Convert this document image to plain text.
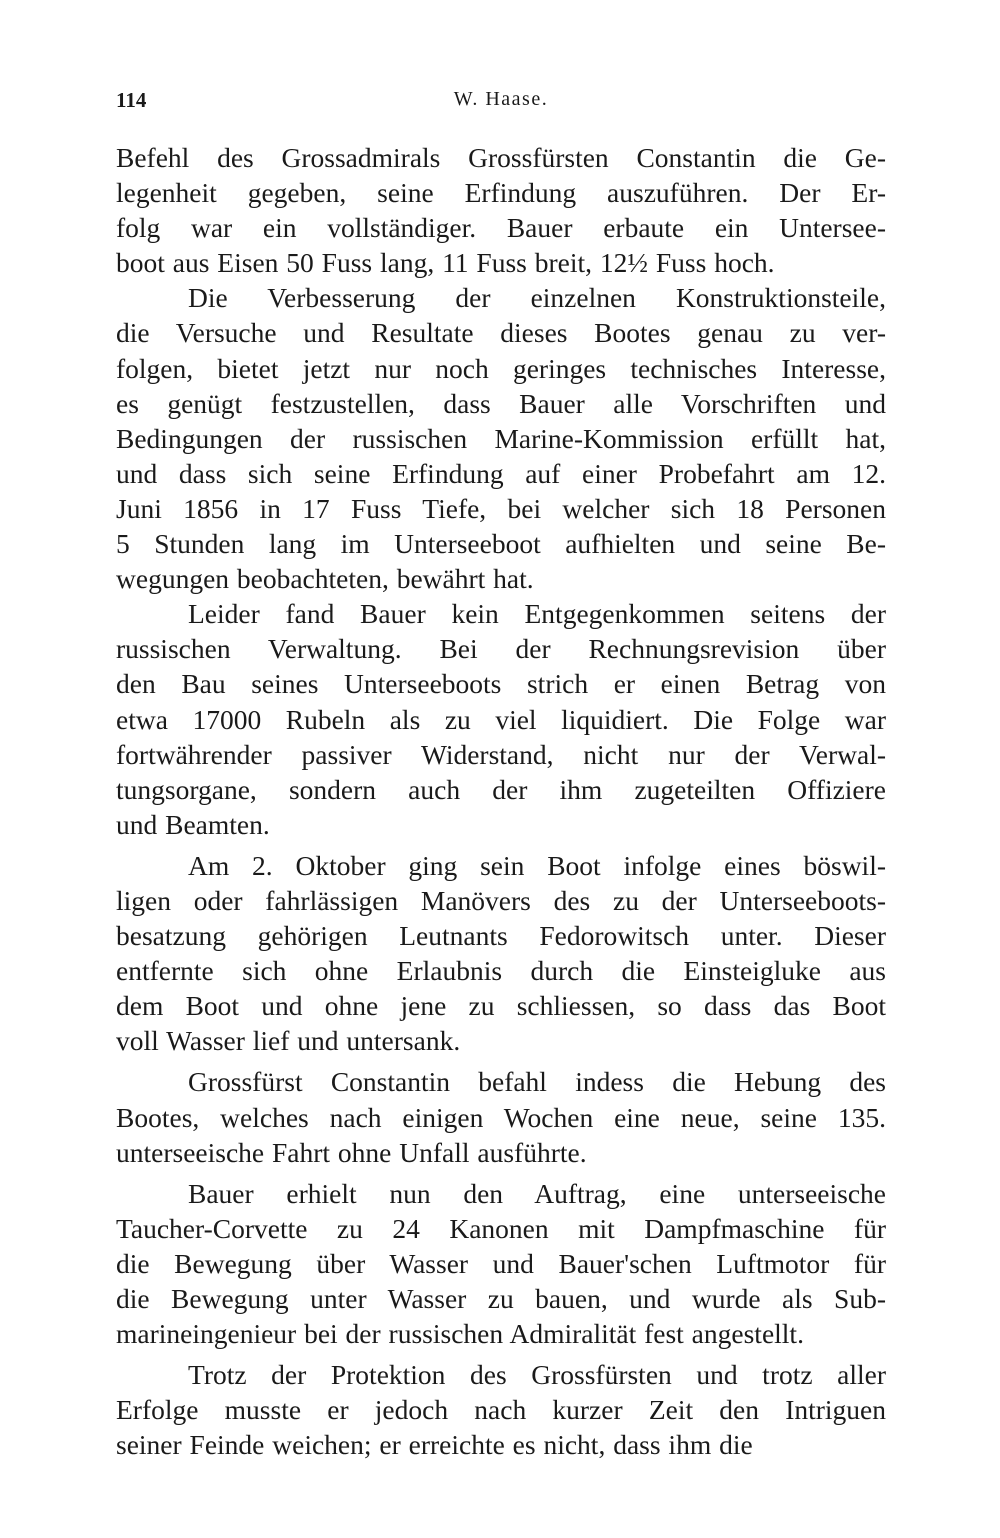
114	W. Haase.
Befehl des Grossadmirals Grossfürsten Constantin die Ge-
legenheit gegeben, seine Erfindung auszuführen. Der Er-
folg war ein vollständiger. Bauer erbaute ein Untersee-
boot aus Eisen 50 Fuss lang, 11 Fuss breit, 12½ Fuss hoch.
Die Verbesserung der einzelnen Konstruktionsteile,
die Versuche und Resultate dieses Bootes genau zu ver-
folgen, bietet jetzt nur noch geringes technisches Interesse,
es genügt festzustellen, dass Bauer alle Vorschriften und
Bedingungen der russischen Marine-Kommission erfüllt hat,
und dass sich seine Erfindung auf einer Probefahrt am 12.
Juni 1856 in 17 Fuss Tiefe, bei welcher sich 18 Personen
5 Stunden lang im Unterseeboot aufhielten und seine Be-
wegungen beobachteten, bewährt hat.
Leider fand Bauer kein Entgegenkommen seitens der
russischen Verwaltung. Bei der Rechnungsrevision über
den Bau seines Unterseeboots strich er einen Betrag von
etwa 17000 Rubeln als zu viel liquidiert. Die Folge war
fortwährender passiver Widerstand, nicht nur der Verwal-
tungsorgane, sondern auch der ihm zugeteilten Offiziere
und Beamten.
Am 2. Oktober ging sein Boot infolge eines böswil-
ligen oder fahrlässigen Manövers des zu der Unterseeboots-
besatzung gehörigen Leutnants Fedorowitsch unter. Dieser
entfernte sich ohne Erlaubnis durch die Einsteigluke aus
dem Boot und ohne jene zu schliessen, so dass das Boot
voll Wasser lief und untersank.
Grossfürst Constantin befahl indess die Hebung des
Bootes, welches nach einigen Wochen eine neue, seine 135.
unterseeische Fahrt ohne Unfall ausführte.
Bauer erhielt nun den Auftrag, eine unterseeische
Taucher-Corvette zu 24 Kanonen mit Dampfmaschine für
die Bewegung über Wasser und Bauer'schen Luftmotor für
die Bewegung unter Wasser zu bauen, und wurde als Sub-
marineingenieur bei der russischen Admiralität fest angestellt.
Trotz der Protektion des Grossfürsten und trotz aller
Erfolge musste er jedoch nach kurzer Zeit den Intriguen
seiner Feinde weichen; er erreichte es nicht, dass ihm die
